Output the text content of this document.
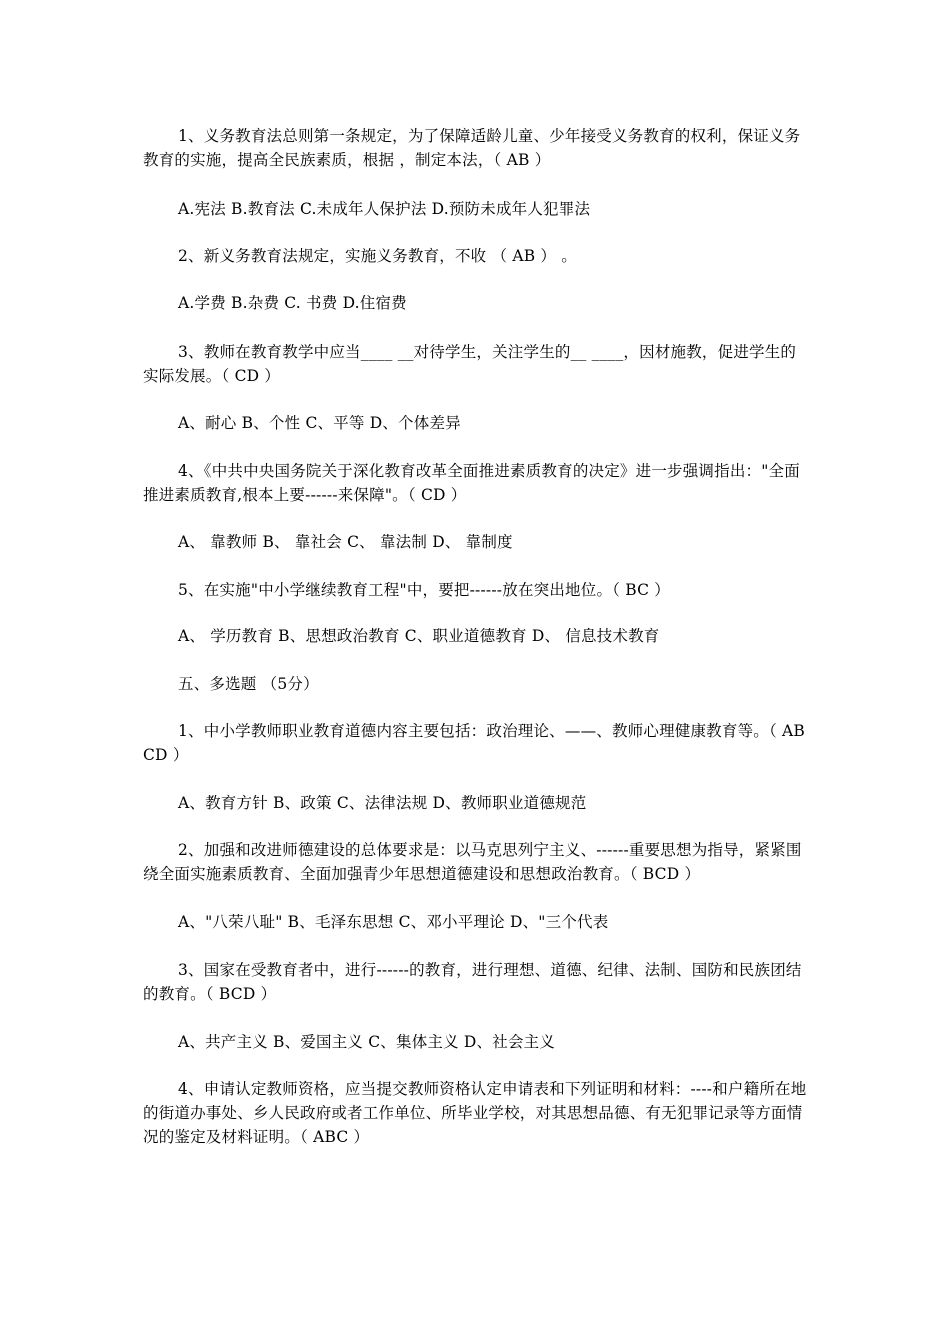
1、义务教育法总则第一条规定，为了保障适龄儿童、少年接受义务教育的权利，保证义务教育的实施，提高全民族素质，根据 ，制定本法，（ AB ）
A.宪法 B.教育法 C.未成年人保护法 D.预防未成年人犯罪法
2、新义务教育法规定，实施义务教育，不收 （ AB ） 。
A.学费 B.杂费 C. 书费 D.住宿费
3、教师在教育教学中应当____ __对待学生，关注学生的__ ____，因材施教，促进学生的实际发展。（ CD ）
A、耐心 B、个性 C、平等 D、个体差异
4、《中共中央国务院关于深化教育改革全面推进素质教育的决定》进一步强调指出："全面推进素质教育,根本上要------来保障"。（ CD ）
A、 靠教师 B、 靠社会 C、 靠法制 D、 靠制度
5、在实施"中小学继续教育工程"中，要把------放在突出地位。（ BC ）
A、 学历教育 B、思想政治教育 C、职业道德教育 D、 信息技术教育
五、多选题 （5分）
1、中小学教师职业教育道德内容主要包括：政治理论、——、教师心理健康教育等。（ ABCD ）
A、教育方针 B、政策 C、法律法规 D、教师职业道德规范
2、加强和改进师德建设的总体要求是：以马克思列宁主义、------重要思想为指导，紧紧围绕全面实施素质教育、全面加强青少年思想道德建设和思想政治教育。（ BCD ）
A、"八荣八耻" B、毛泽东思想 C、邓小平理论 D、"三个代表
3、国家在受教育者中，进行------的教育，进行理想、道德、纪律、法制、国防和民族团结的教育。（ BCD ）
A、共产主义 B、爱国主义 C、集体主义 D、社会主义
4、申请认定教师资格，应当提交教师资格认定申请表和下列证明和材料：----和户籍所在地的街道办事处、乡人民政府或者工作单位、所毕业学校，对其思想品德、有无犯罪记录等方面情况的鉴定及材料证明。（ ABC ）
